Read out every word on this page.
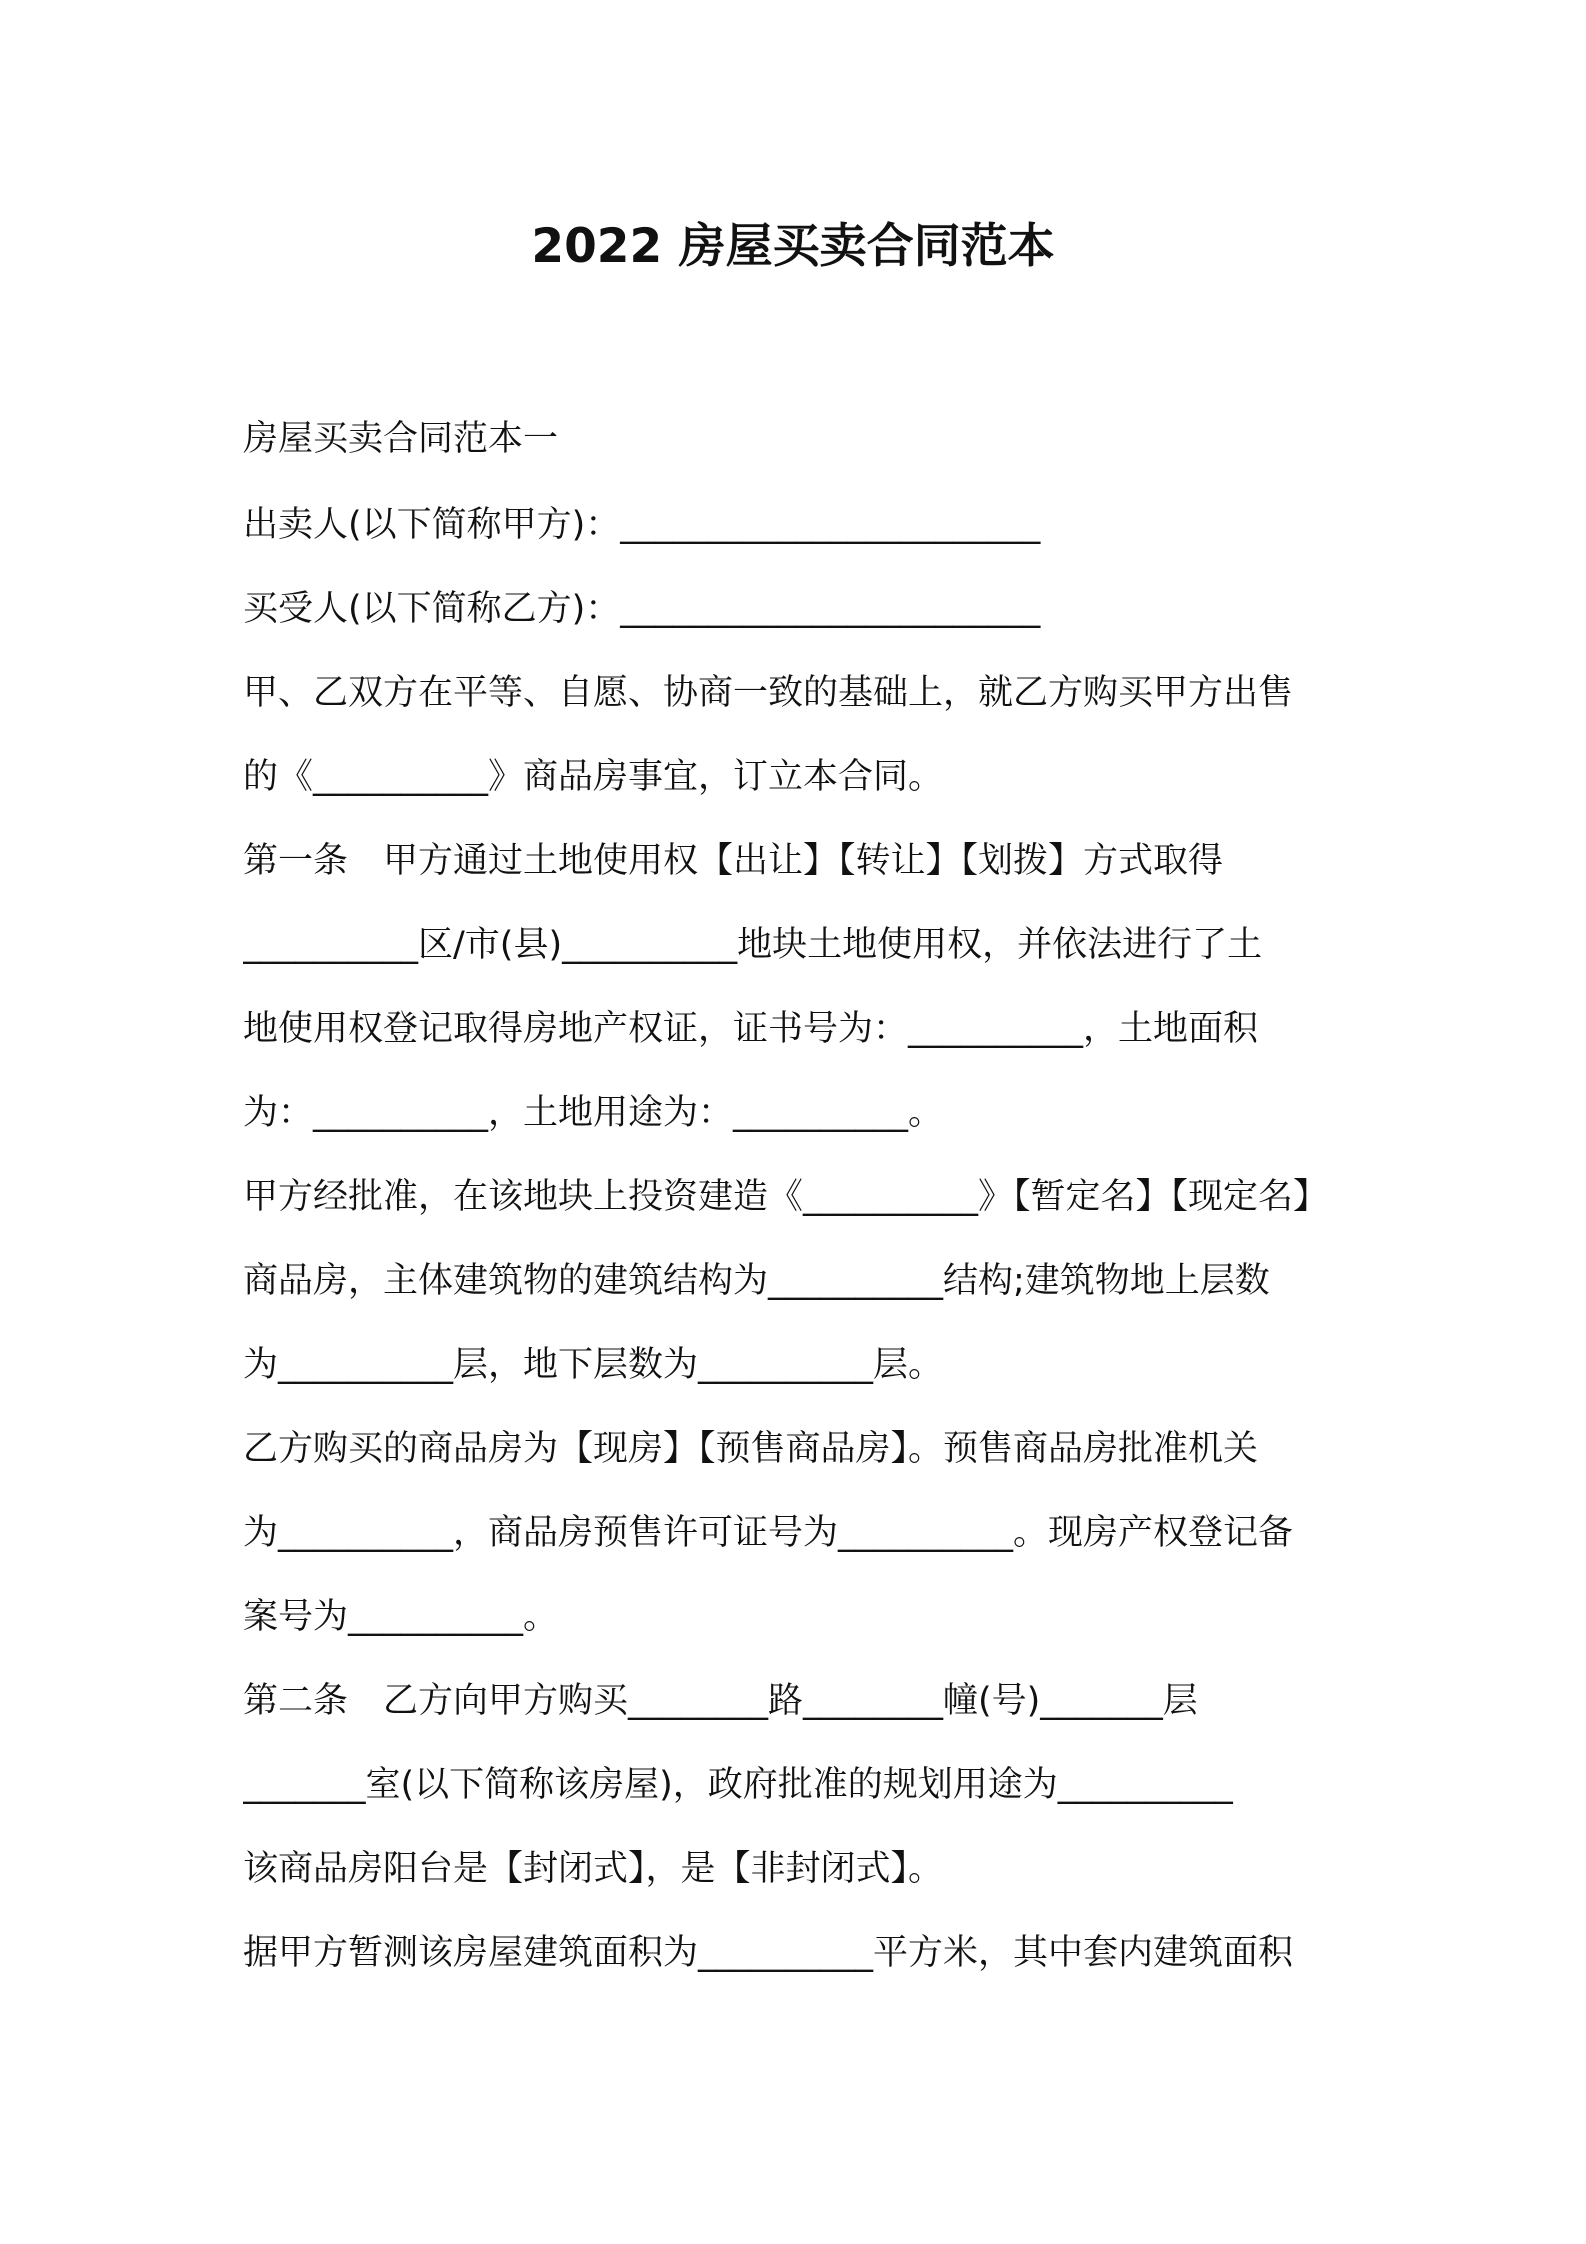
2022 房屋买卖合同范本
房屋买卖合同范本一
出卖人(以下简称甲方)：________________________
买受人(以下简称乙方)：________________________
甲、乙双方在平等、自愿、协商一致的基础上，就乙方购买甲方出售
的《__________》商品房事宜，订立本合同。
第一条　甲方通过土地使用权【出让】【转让】【划拨】方式取得
__________区/市(县)__________地块土地使用权，并依法进行了土
地使用权登记取得房地产权证，证书号为：__________，土地面积
为：__________，土地用途为：__________。
甲方经批准，在该地块上投资建造《__________》【暂定名】【现定名】
商品房，主体建筑物的建筑结构为__________结构;建筑物地上层数
为__________层，地下层数为__________层。
乙方购买的商品房为【现房】【预售商品房】。预售商品房批准机关
为__________，商品房预售许可证号为__________。现房产权登记备
案号为__________。
第二条　乙方向甲方购买________路________幢(号)_______层
_______室(以下简称该房屋)，政府批准的规划用途为__________
该商品房阳台是【封闭式】，是【非封闭式】。
据甲方暂测该房屋建筑面积为__________平方米，其中套内建筑面积
